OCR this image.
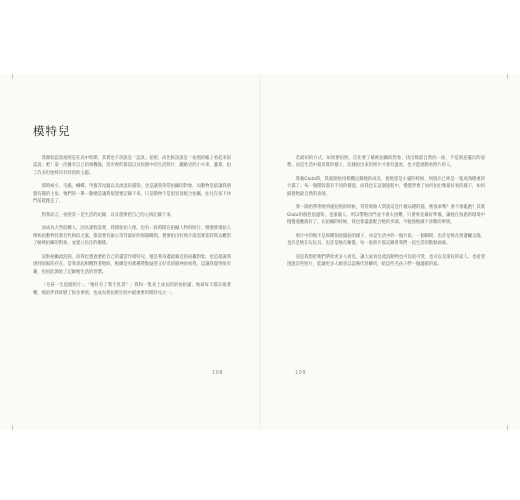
模特兒

我開始認真拍照是在高中時期，其實也不該說是「認真」拍照，而比較該說是「拍照的帳子看起來很認真」吧！第一次擁有自己的相機後，逛市裡的街道以及校園中的生活照片、鐵路旁的小火車、蘆葦，拍了許多但始終沒有特別的主題。

那時候小、毛蟲、蝴蝶、甲蟲等昆蟲以及流浪的貓狗，也是讓我常常拍攝的對象，而動物是最讓我感覺有趣的主角，牠們的一舉一動總是讓我很想要記錄下來。只是動物不是很容易配合拍攝，往往在按下快門前就跑走了。

對我而言，拍照其一是生活的紀錄，以及想要把自己的心情記錄下來。

而成為大學前轉人，因為課程需要，我開始拍人像，也有一段時間在拍攝人物的照片，慢慢發現拍人像和拍動物其實有些相似之處，都需要有耐心等待最好的那個瞬間，想要拍出好照片就需要花時間去觀察了解被拍攝的對象，並建立信任的關係。

而對拍攝流浪狗，而我也想過要把自己的貓當作模特兒，牠是我身邊最親近的拍攝對象，也是最讓我感到放鬆的存在。當我拿起相機對著牠時，牠總是用那種帶點疑惑又好奇的眼神回看我，這讓我覺得很有趣，也因此開始了記錄牠生活的習慣。

「毛孩一生追憶照片」，「牠好有了我不負責？」我和一隻來上成長的的拍拍貓，地球每天都在繞著轉，牠陪伴我經歷了很多事情，也成為我拍照生涯中最重要的模特兒之一。

108

若最初的方式，如果要拍照，首先要了解被拍攝的對象，找出牠最自然的一面，不是刻意擺出的姿勢，而是生活中最真實的樣子，這樣拍出來的照片才會有溫度，也才能感動看照片的人。

我養Gluta時，我就開始用相機記錄牠的成長，從牠還是小貓的時候，到現在已經是一隻成熟穩重的大貓了。每一個階段都有不同的樣貌，而我也在這個過程中，慢慢學會了如何拍出牠最好看的樣子，如何捕捉牠最自然的表情。

我一開始帶著牠到處拍照的時候，常常被路人問說這是什麼品種的貓，牠很乖嗎？會不會亂跑？其實Gluta的個性很溫和，也很親人，所以帶牠出門並不會太困難，只要事先做好準備，讓牠在熟悉的環境中慢慢適應就好了。在拍攝的時候，我也會盡量配合牠的步調，不勉強牠做不喜歡的事情。

照片中的牠不是那種刻意擺拍的樣子，而是生活中的一個片段，一個瞬間，也許是牠在窗邊曬太陽，也許是牠在玩玩具，也許是牠在睡覺，每一張照片都記錄著我們一起生活的點點滴滴。

而是我想把牠們帶給更多人看見，讓大家看見流浪動物也可以很可愛，也可以是很好的家人。也希望透過這些照片，能讓更多人願意以認養代替購買，給這些毛孩子們一個溫暖的家。

109
